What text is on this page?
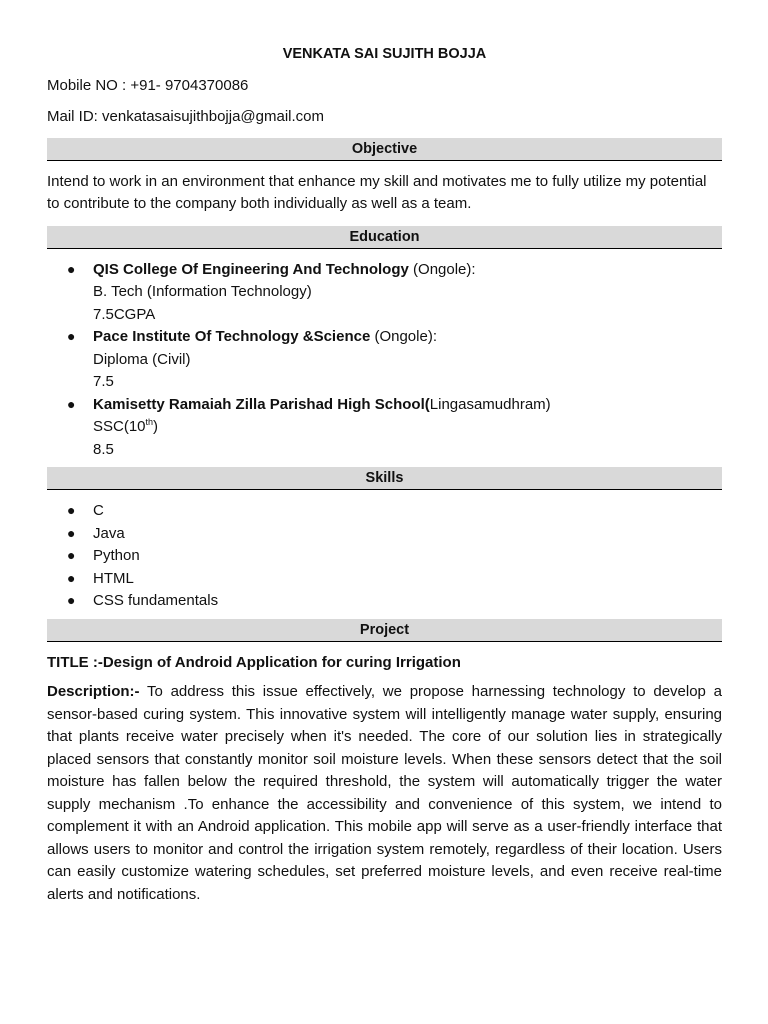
VENKATA SAI SUJITH BOJJA
Mobile NO : +91- 9704370086
Mail ID: venkatasaisujithbojja@gmail.com
Objective
Intend to work in an environment that enhance my skill and motivates me to fully utilize my potential to contribute to the company both individually as well as a team.
Education
● QIS College Of Engineering And Technology (Ongole):
B. Tech (Information Technology)
7.5CGPA
● Pace Institute Of Technology &Science (Ongole):
Diploma (Civil)
7.5
● Kamisetty Ramaiah Zilla Parishad High School(Lingasamudhram)
SSC(10th)
8.5
Skills
● C
● Java
● Python
● HTML
● CSS fundamentals
Project
TITLE :-Design of Android Application for curing Irrigation
Description:- To address this issue effectively, we propose harnessing technology to develop a sensor-based curing system. This innovative system will intelligently manage water supply, ensuring that plants receive water precisely when it's needed. The core of our solution lies in strategically placed sensors that constantly monitor soil moisture levels. When these sensors detect that the soil moisture has fallen below the required threshold, the system will automatically trigger the water supply mechanism .To enhance the accessibility and convenience of this system, we intend to complement it with an Android application. This mobile app will serve as a user-friendly interface that allows users to monitor and control the irrigation system remotely, regardless of their location. Users can easily customize watering schedules, set preferred moisture levels, and even receive real-time alerts and notifications.
